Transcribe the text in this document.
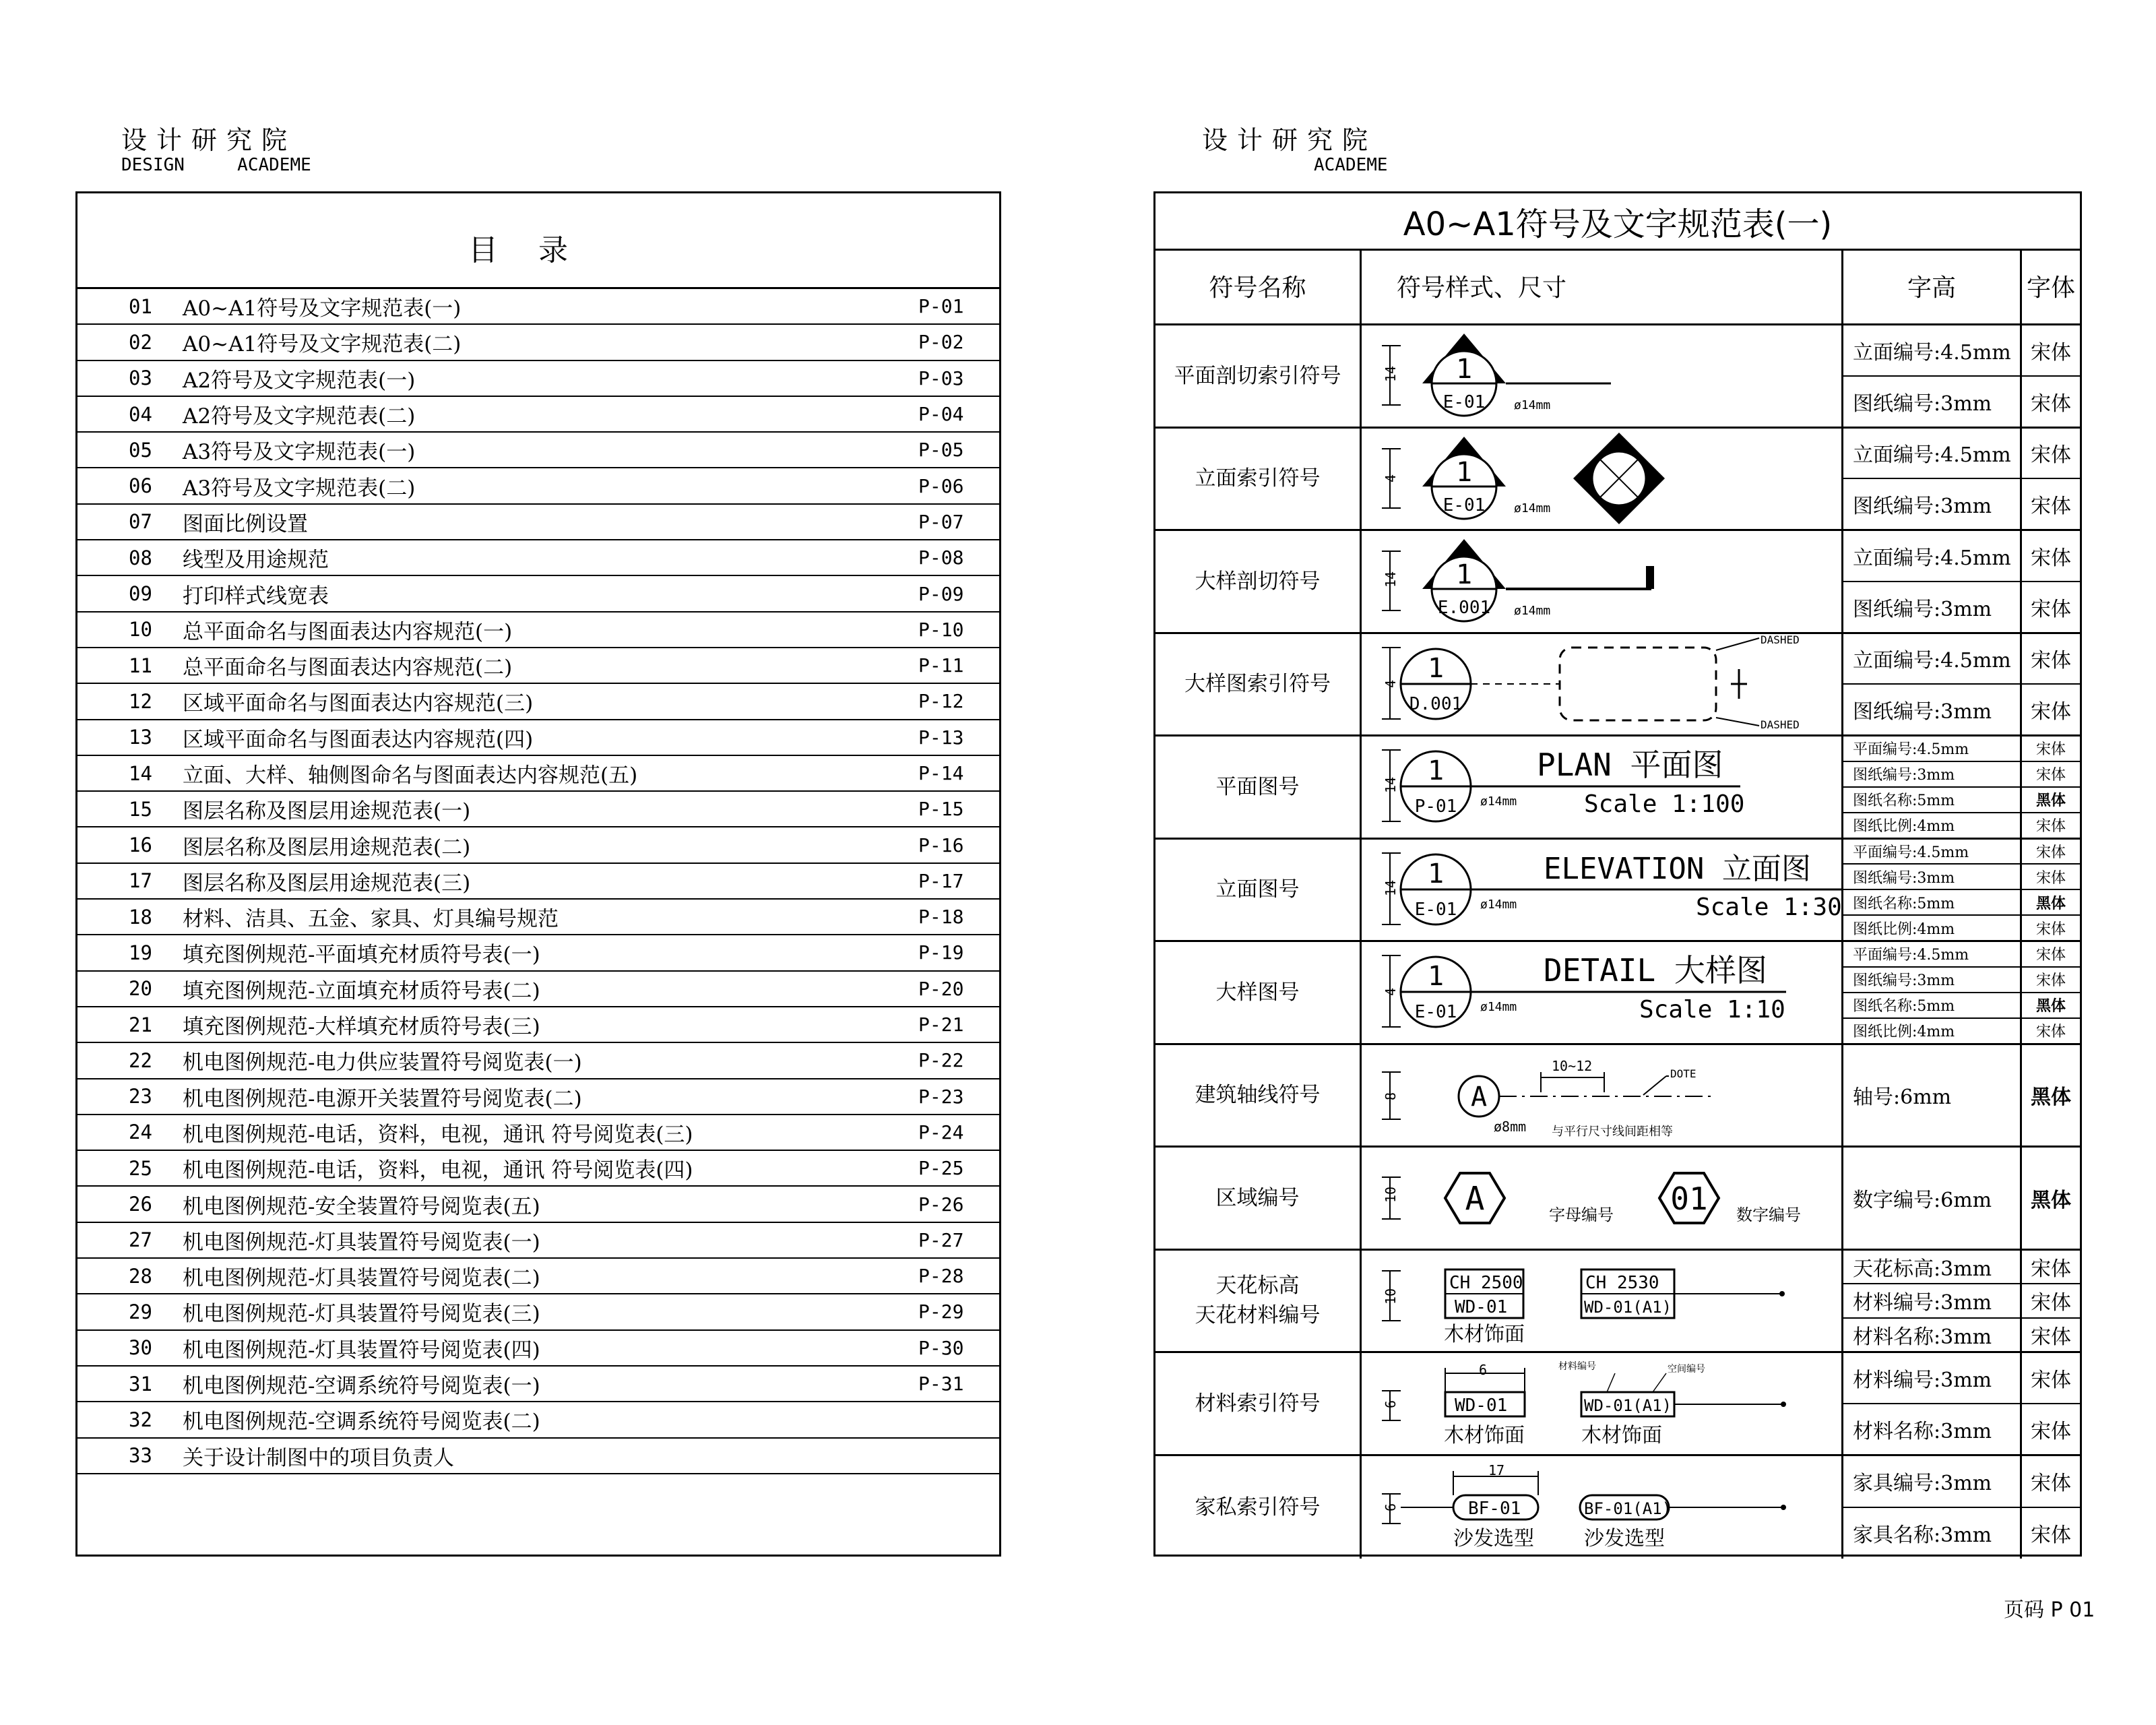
设计研究院
DESIGN     ACADEME
设计研究院
ACADEME
目录
01	A0~A1符号及文字规范表(一)	P-01
02	A0~A1符号及文字规范表(二)	P-02
03	A2符号及文字规范表(一)	P-03
04	A2符号及文字规范表(二)	P-04
05	A3符号及文字规范表(一)	P-05
06	A3符号及文字规范表(二)	P-06
07	图面比例设置	P-07
08	线型及用途规范	P-08
09	打印样式线宽表	P-09
10	总平面命名与图面表达内容规范(一)	P-10
11	总平面命名与图面表达内容规范(二)	P-11
12	区域平面命名与图面表达内容规范(三)	P-12
13	区域平面命名与图面表达内容规范(四)	P-13
14	立面、大样、轴侧图命名与图面表达内容规范(五)	P-14
15	图层名称及图层用途规范表(一)	P-15
16	图层名称及图层用途规范表(二)	P-16
17	图层名称及图层用途规范表(三)	P-17
18	材料、洁具、五金、家具、灯具编号规范	P-18
19	填充图例规范-平面填充材质符号表(一)	P-19
20	填充图例规范-立面填充材质符号表(二)	P-20
21	填充图例规范-大样填充材质符号表(三)	P-21
22	机电图例规范-电力供应装置符号阅览表(一)	P-22
23	机电图例规范-电源开关装置符号阅览表(二)	P-23
24	机电图例规范-电话，资料，电视，通讯 符号阅览表(三)	P-24
25	机电图例规范-电话，资料，电视，通讯 符号阅览表(四)	P-25
26	机电图例规范-安全装置符号阅览表(五)	P-26
27	机电图例规范-灯具装置符号阅览表(一)	P-27
28	机电图例规范-灯具装置符号阅览表(二)	P-28
29	机电图例规范-灯具装置符号阅览表(三)	P-29
30	机电图例规范-灯具装置符号阅览表(四)	P-30
31	机电图例规范-空调系统符号阅览表(一)	P-31
32	机电图例规范-空调系统符号阅览表(二)
33	关于设计制图中的项目负责人
A0~A1符号及文字规范表(一)
符号名称	符号样式、尺寸	字高	字体
平面剖切索引符号	14 1
E-01 ø14mm
立面编号:4.5mm 宋体
图纸编号:3mm	宋体
立面索引符号	4 1
E-01 ø14mm
立面编号:4.5mm 宋体
图纸编号:3mm	宋体
大样剖切符号	14 1
E.001 ø14mm
立面编号:4.5mm 宋体
图纸编号:3mm	宋体
大样图索引符号	4 1
D.001
DASHED
DASHED
立面编号:4.5mm 宋体
图纸编号:3mm	宋体
平面图号	14 1
P-01 ø14mm
PLAN 平面图
Scale 1:100
平面编号:4.5mm	宋体
图纸编号:3mm	宋体
图纸名称:5mm	黑体
图纸比例:4mm	宋体
立面图号	14 1
E-01 ø14mm
ELEVATION 立面图
Scale 1:30
平面编号:4.5mm	宋体
图纸编号:3mm	宋体
图纸名称:5mm	黑体
图纸比例:4mm	宋体
大样图号	4 1
E-01 ø14mm
DETAIL 大样图
Scale 1:10
平面编号:4.5mm	宋体
图纸编号:3mm	宋体
图纸名称:5mm	黑体
图纸比例:4mm	宋体
建筑轴线符号	8	A
10~12	DOTE
ø8mm 与平行尺寸线间距相等
轴号:6mm	黑体
区域编号	10 A	01
字母编号	数字编号
数字编号:6mm	黑体
天花标高
天花材料编号
10
CH 2500
WD-01
CH 2530
WD-01(A1)
木材饰面
天花标高:3mm	宋体
材料编号:3mm	宋体
材料名称:3mm	宋体
材料索引符号	6
6
WD-01	WD-01(A1)
材料编号	空间编号
木材饰面	木材饰面
材料编号:3mm	宋体
材料名称:3mm	宋体
家私索引符号	6
17
BF-01	BF-01(A1)
沙发选型 沙发选型
家具编号:3mm	宋体
家具名称:3mm	宋体
页码 P 01
